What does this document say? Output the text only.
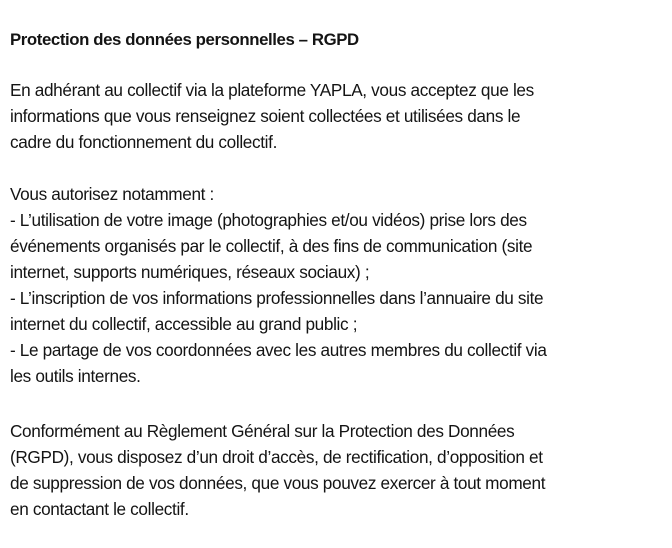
Protection des données personnelles – RGPD

En adhérant au collectif via la plateforme YAPLA, vous acceptez que les
informations que vous renseignez soient collectées et utilisées dans le
cadre du fonctionnement du collectif.

Vous autorisez notamment :
- L’utilisation de votre image (photographies et/ou vidéos) prise lors des
événements organisés par le collectif, à des fins de communication (site
internet, supports numériques, réseaux sociaux) ;
- L’inscription de vos informations professionnelles dans l’annuaire du site
internet du collectif, accessible au grand public ;
- Le partage de vos coordonnées avec les autres membres du collectif via
les outils internes.

Conformément au Règlement Général sur la Protection des Données
(RGPD), vous disposez d’un droit d’accès, de rectification, d’opposition et
de suppression de vos données, que vous pouvez exercer à tout moment
en contactant le collectif.
